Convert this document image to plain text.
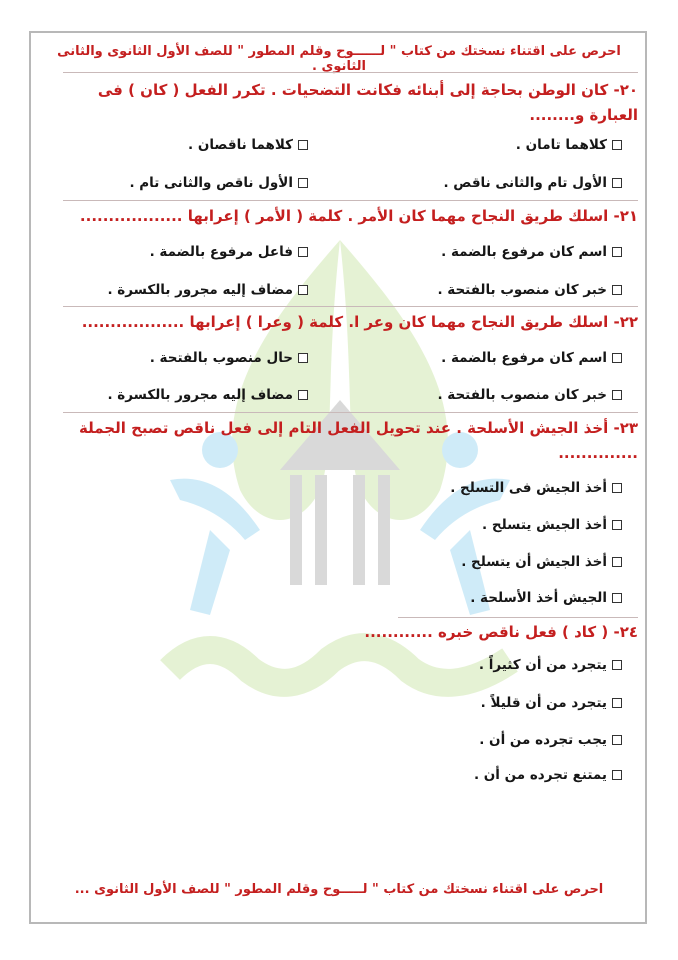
احرص على اقتناء نسختك من كتاب " لــــــوح وقلم المطور " للصف الأول الثانوى والثانى الثانوى .
٢٠- كان الوطن بحاجة إلى أبنائه فكانت التضحيات . تكرر الفعل ( كان ) فى العبارة و........
كلاهما تامان .
كلاهما ناقصان .
الأول تام والثانى ناقص .
الأول ناقص والثانى تام .
٢١- اسلك طريق النجاح مهما كان الأمر . كلمة ( الأمر ) إعرابها ..................
اسم كان مرفوع بالضمة .
فاعل مرفوع بالضمة .
خبر كان منصوب بالفتحة .
مضاف إليه مجرور بالكسرة .
٢٢- اسلك طريق النجاح مهما كان وعر ا. كلمة ( وعرا ) إعرابها ..................
اسم كان مرفوع بالضمة .
حال منصوب بالفتحة .
خبر كان منصوب بالفتحة .
مضاف إليه مجرور بالكسرة .
٢٣- أخذ الجيش الأسلحة . عند تحويل الفعل التام إلى فعل ناقص تصبح الجملة ..............
أخذ الجيش فى التسلح .
أخذ الجيش يتسلح .
أخذ الجيش أن يتسلح .
الجيش أخذ الأسلحة .
٢٤- ( كاد ) فعل ناقص خبره ............
يتجرد من أن كثيراً .
يتجرد من أن قليلاً .
يجب تجرده من أن .
يمتنع تجرده من أن .
احرص على اقتناء نسختك من كتاب " لـــــوح وقلم المطور " للصف الأول الثانوى ...
